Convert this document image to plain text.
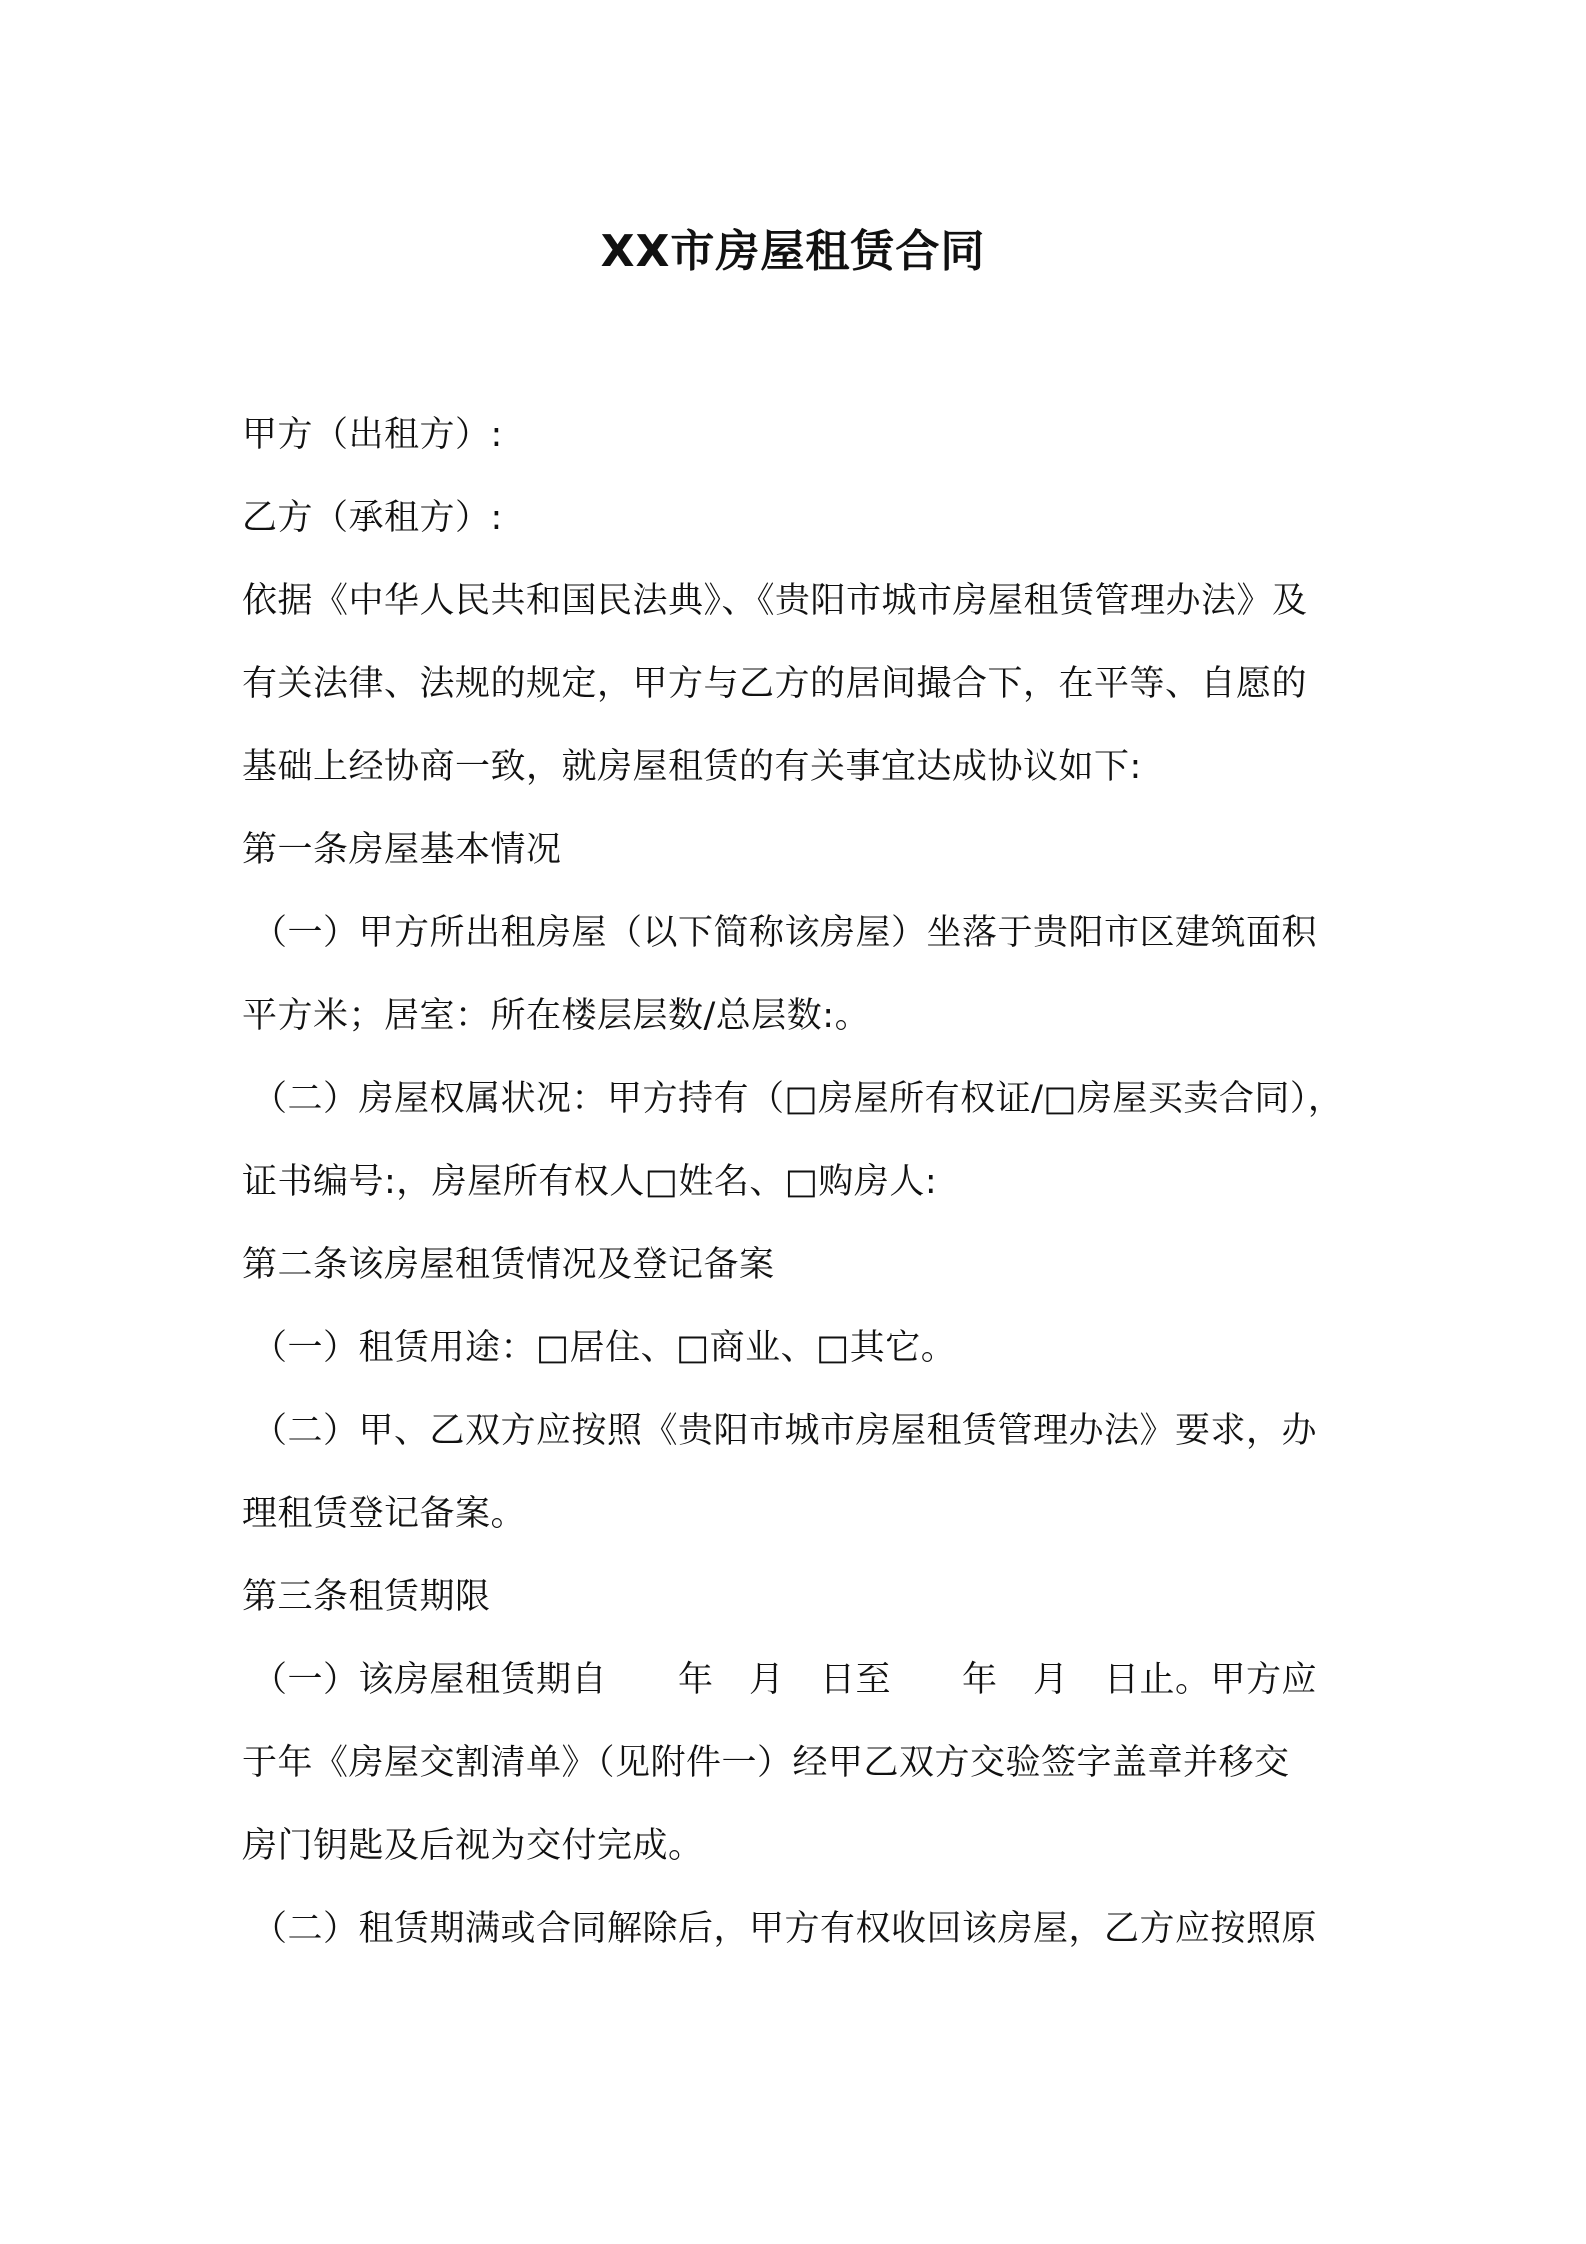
XX市房屋租赁合同
甲方（出租方）:
乙方（承租方）:
依据《中华人民共和国民法典》、《贵阳市城市房屋租赁管理办法》及
有关法律、法规的规定，甲方与乙方的居间撮合下，在平等、自愿的
基础上经协商一致，就房屋租赁的有关事宜达成协议如下:
第一条房屋基本情况
（一）甲方所出租房屋（以下简称该房屋）坐落于贵阳市区建筑面积
平方米；居室：所在楼层层数/总层数:。
（二）房屋权属状况：甲方持有（□房屋所有权证/□房屋买卖合同），
证书编号:，房屋所有权人□姓名、□购房人:
第二条该房屋租赁情况及登记备案
（一）租赁用途：□居住、□商业、□其它。
（二）甲、乙双方应按照《贵阳市城市房屋租赁管理办法》要求，办
理租赁登记备案。
第三条租赁期限
（一）该房屋租赁期自　　年　月　日至　　年　月　日止。甲方应
于年《房屋交割清单》（见附件一）经甲乙双方交验签字盖章并移交
房门钥匙及后视为交付完成。
（二）租赁期满或合同解除后，甲方有权收回该房屋，乙方应按照原
